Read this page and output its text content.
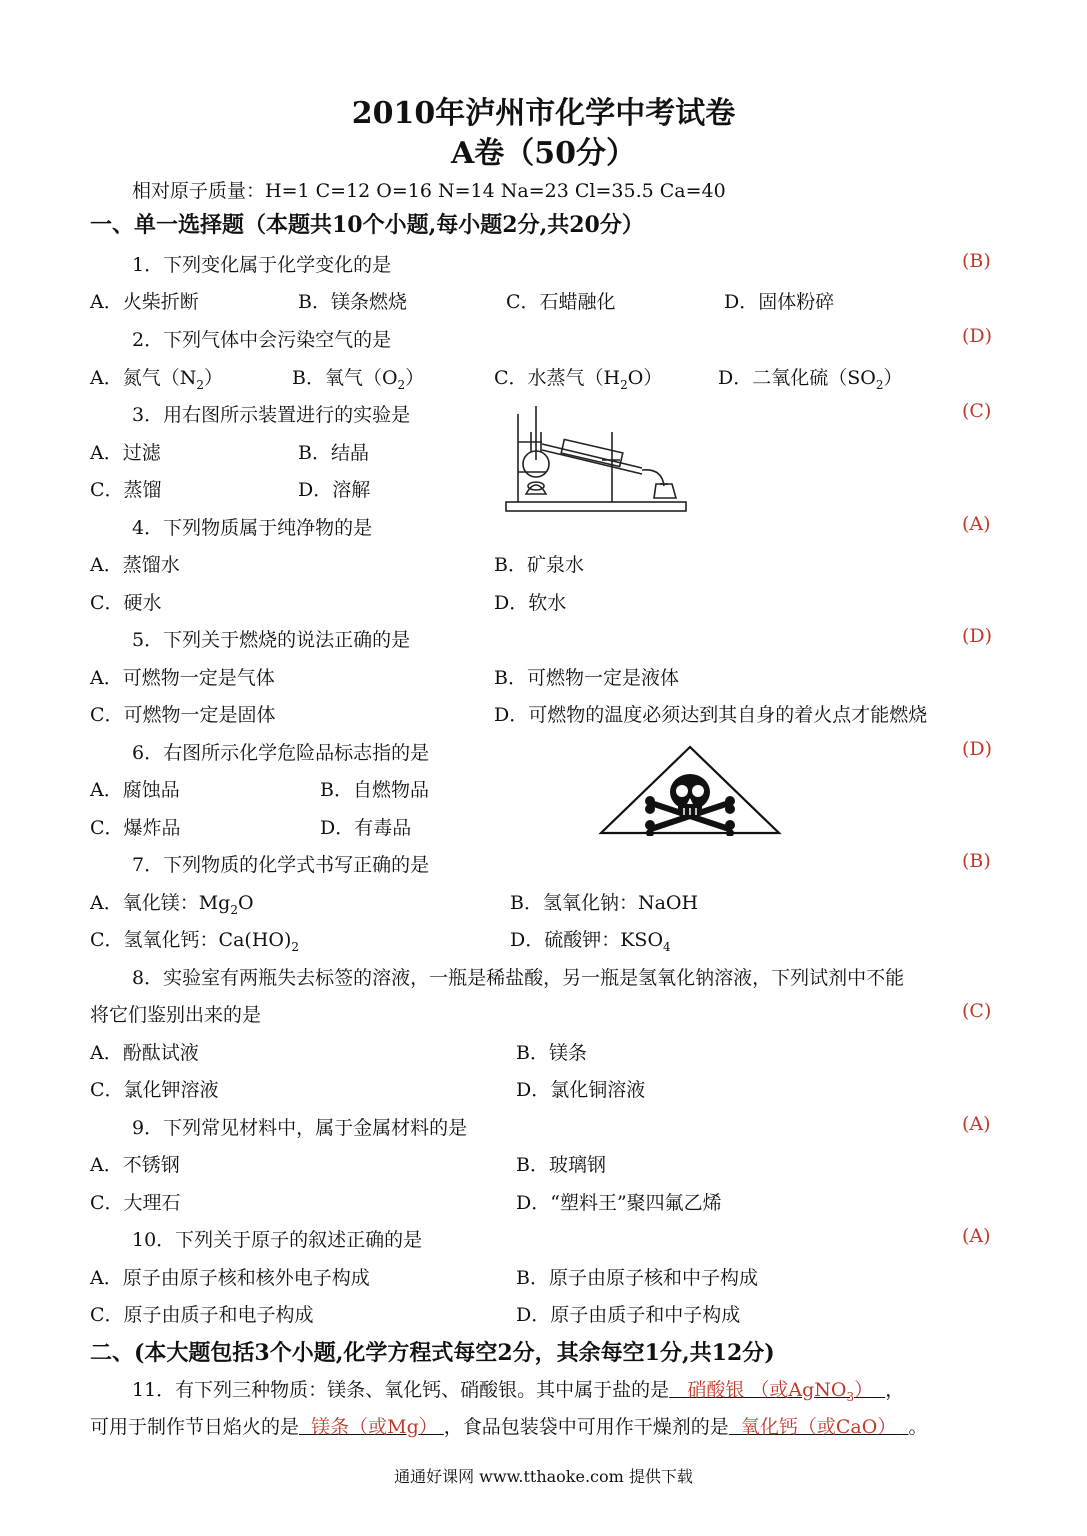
2010年泸州市化学中考试卷
A卷（50分）
相对原子质量：H=1 C=12 O=16 N=14 Na=23 Cl=35.5 Ca=40
一、单一选择题（本题共10个小题,每小题2分,共20分）
1．下列变化属于化学变化的是	(B)
A．火柴折断	B．镁条燃烧	C．石蜡融化	D．固体粉碎
2．下列气体中会污染空气的是	(D)
A．氮气$(N_2)$	B．氧气$(O_2)$	C．水蒸气$(H_2O)$	D．二氧化硫$(SO_2)$
3．用右图所示装置进行的实验是	(C)
A．过滤	B．结晶
C．蒸馏	D．溶解
4．下列物质属于纯净物的是	(A)
A．蒸馏水	B．矿泉水
C．硬水	D．软水
5．下列关于燃烧的说法正确的是	(D)
A．可燃物一定是气体	B．可燃物一定是液体
C．可燃物一定是固体	D．可燃物的温度必须达到其自身的着火点才能燃烧
6．右图所示化学危险品标志指的是	(D)
A．腐蚀品	B．自燃物品
C．爆炸品	D．有毒品
7．下列物质的化学式书写正确的是	(B)
A．氧化镁：$Mg_2O$	B．氢氧化钠：NaOH
C．氢氧化钙：$Ca(HO)_2$	D．硫酸钾：$KSO_4$
8．实验室有两瓶失去标签的溶液，一瓶是稀盐酸，另一瓶是氢氧化钠溶液，下列试剂中不能
将它们鉴别出来的是	(C)
A．酚酞试液	B．镁条
C．氯化钾溶液	D．氯化铜溶液
9．下列常见材料中，属于金属材料的是	(A)
A．不锈钢	B．玻璃钢
C．大理石	D．“塑料王”聚四氟乙烯
10．下列关于原子的叙述正确的是	(A)
A．原子由原子核和核外电子构成	B．原子由原子核和中子构成
C．原子由质子和电子构成	D．原子由质子和中子构成
二、(本大题包括3个小题,化学方程式每空2分，其余每空1分,共12分)
11．有下列三种物质：镁条、氧化钙、硝酸银。其中属于盐的是 硝酸银 （或AgNO$_3$） ，
可用于制作节日焰火的是 镁条（或Mg） ，食品包装袋中可用作干燥剂的是 氧化钙（或CaO） 。
通通好课网 www.tthaoke.com 提供下载
